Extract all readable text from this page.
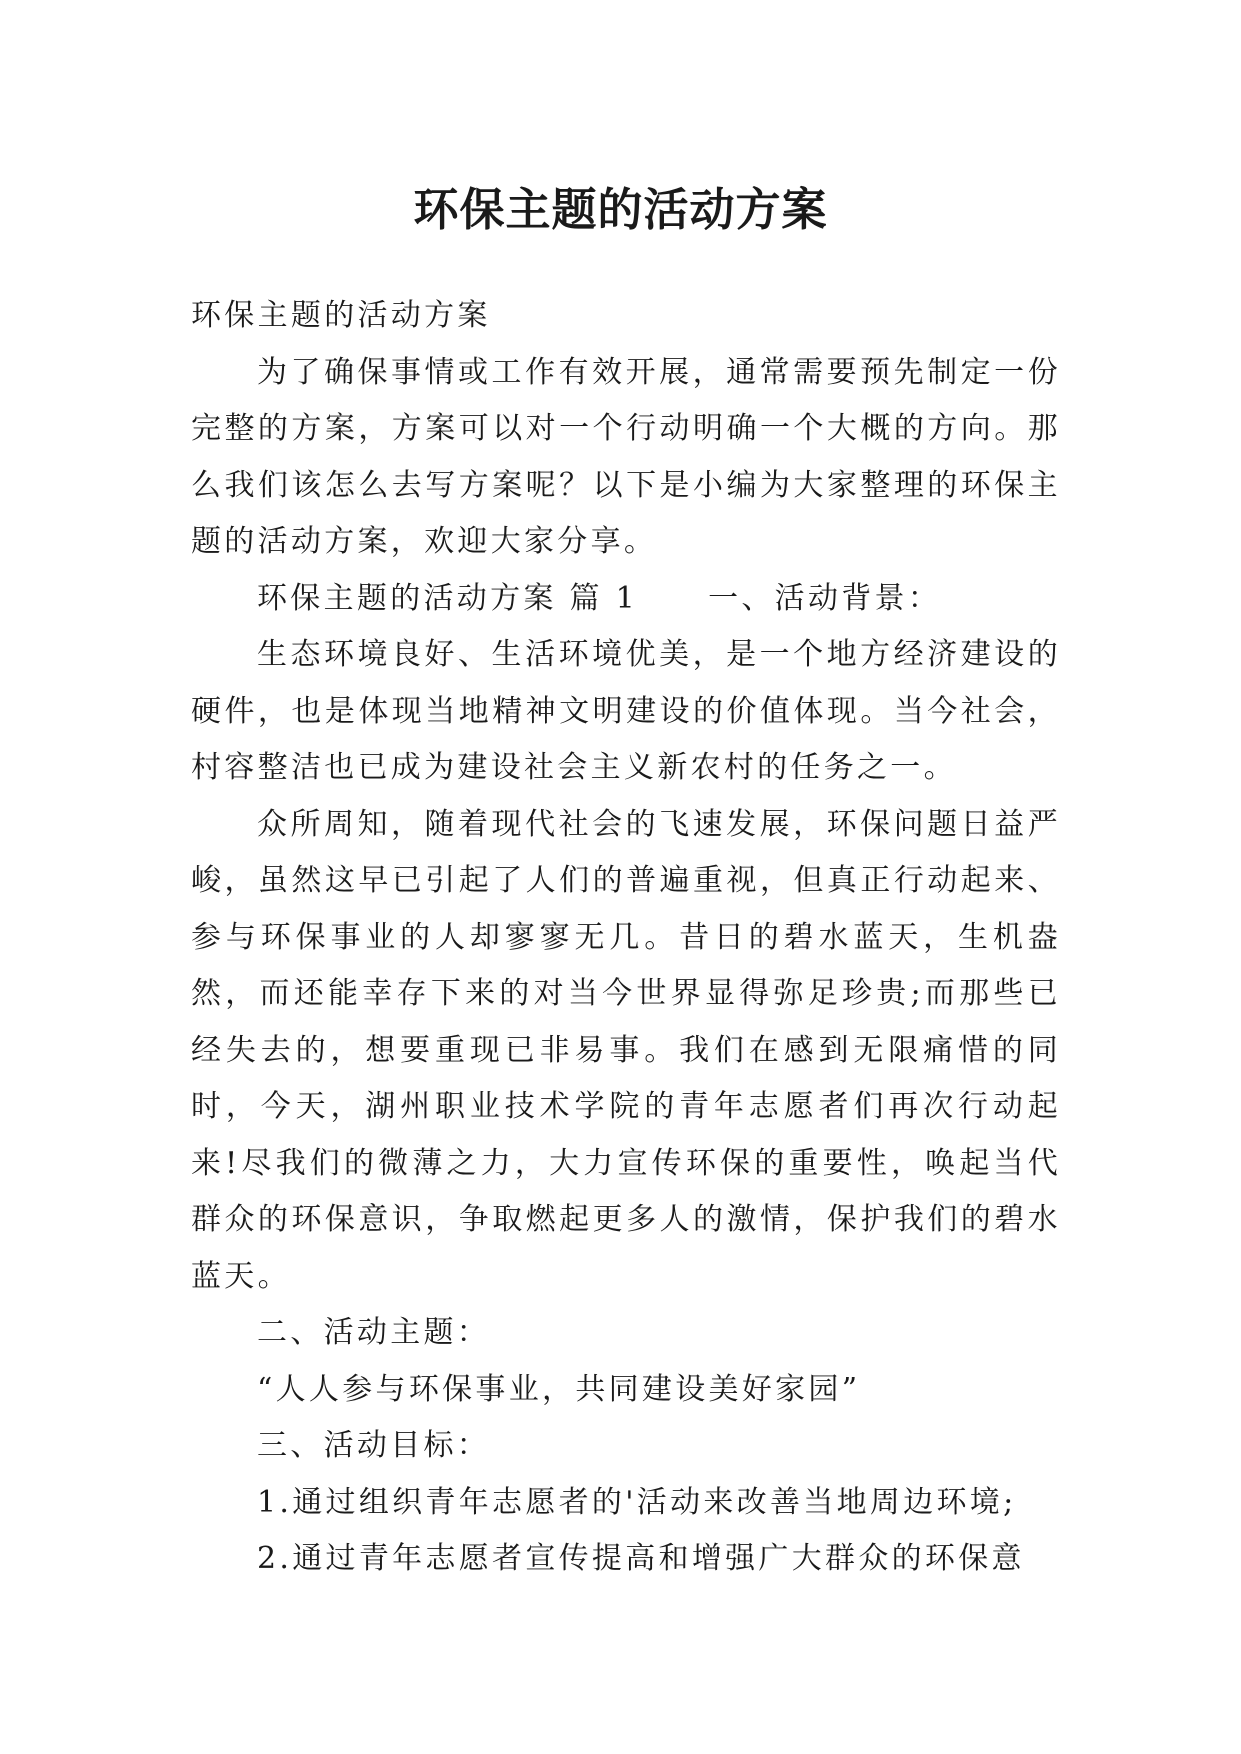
环保主题的活动方案

环保主题的活动方案

为了确保事情或工作有效开展，通常需要预先制定一份完整的方案，方案可以对一个行动明确一个大概的方向。那么我们该怎么去写方案呢？以下是小编为大家整理的环保主题的活动方案，欢迎大家分享。

环保主题的活动方案 篇 1 一、活动背景：

生态环境良好、生活环境优美，是一个地方经济建设的硬件，也是体现当地精神文明建设的价值体现。当今社会，村容整洁也已成为建设社会主义新农村的任务之一。

众所周知，随着现代社会的飞速发展，环保问题日益严峻，虽然这早已引起了人们的普遍重视，但真正行动起来、参与环保事业的人却寥寥无几。昔日的碧水蓝天，生机盎然，而还能幸存下来的对当今世界显得弥足珍贵;而那些已经失去的，想要重现已非易事。我们在感到无限痛惜的同时，今天，湖州职业技术学院的青年志愿者们再次行动起来!尽我们的微薄之力，大力宣传环保的重要性，唤起当代群众的环保意识，争取燃起更多人的激情，保护我们的碧水蓝天。

二、活动主题：

“人人参与环保事业，共同建设美好家园”

三、活动目标：

1.通过组织青年志愿者的'活动来改善当地周边环境;

2.通过青年志愿者宣传提高和增强广大群众的环保意
